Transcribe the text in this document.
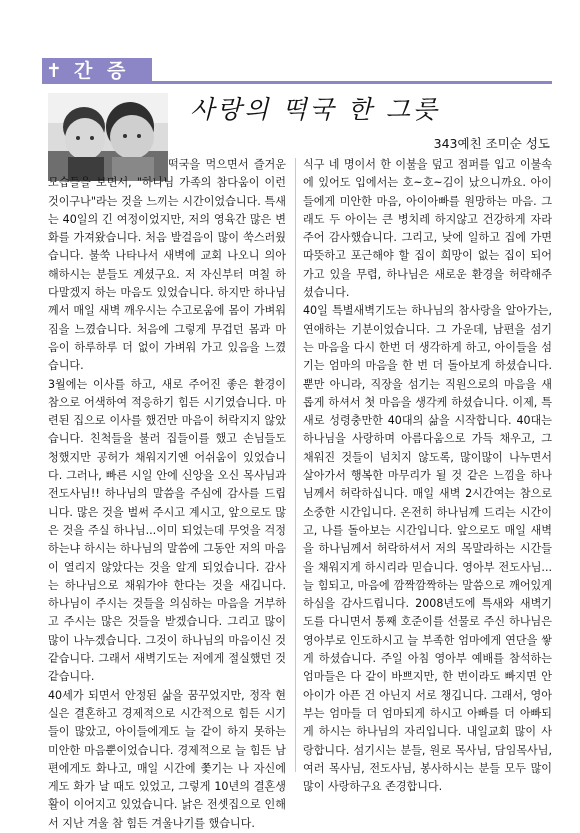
✝ 간 증
사랑의 떡국 한 그릇
343예친 조미순 성도

떡국을 먹으면서 즐거운 모습들을 보면서, "하나님 가족의 참다움이 이런 것이구나"라는 것을 느끼는 시간이었습니다. 특새는 40일의 긴 여정이었지만, 저의 영육간 많은 변화를 가져왔습니다. 처음 발걸음이 많이 쑥스러웠습니다. 불쑥 나타나서 새벽에 교회 나오니 의아해하시는 분들도 계셨구요. 저 자신부터 며칠 하다말겠지 하는 마음도 있었습니다. 하지만 하나님께서 매일 새벽 깨우시는 수고로움에 몸이 가벼워짐을 느꼈습니다. 처음에 그렇게 무겁던 몸과 마음이 하루하루 더 없이 가벼워 가고 있음을 느꼈습니다.

3월에는 이사를 하고, 새로 주어진 좋은 환경이 참으로 어색하여 적응하기 힘든 시기였습니다. 마련된 집으로 이사를 했건만 마음이 허락지지 않았습니다. 친척들을 불러 집들이를 했고 손님들도 청했지만 공허가 채워지기엔 어쉬움이 있었습니다. 그러나, 빠른 시일 안에 신앙을 오신 목사님과 전도사님!! 하나님의 말씀을 주심에 감사를 드립니다. 많은 것을 벌써 주시고 계시고, 앞으로도 많은 것을 주실 하나님...이미 되었는데 무엇을 걱정하는냐 하시는 하나님의 말씀에 그동안 저의 마음이 열리지 않았다는 것을 알게 되었습니다. 감사는 하나님으로 채워가야 한다는 것을 새깁니다. 하나님이 주시는 것들을 의심하는 마음을 거부하고 주시는 많은 것들을 받겠습니다. 그리고 많이 많이 나누겠습니다. 그것이 하나님의 마음이신 것 같습니다. 그래서 새벽기도는 저에게 절실했던 것 같습니다.

40세가 되면서 안정된 삶을 꿈꾸었지만, 정작 현실은 결혼하고 경제적으로 시간적으로 힘든 시기들이 많았고, 아이들에게도 늘 같이 하지 못하는 미안한 마음뿐이었습니다. 경제적으로 늘 힘든 남편에게도 화나고, 매일 시간에 쫓기는 나 자신에게도 화가 날 때도 있었고, 그렇게 10년의 결혼생활이 이어지고 있었습니다. 낡은 전셋집으로 인해서 지난 겨울 참 힘든 겨울나기를 했습니다.

식구 네 명이서 한 이불을 덮고 점퍼를 입고 이불속에 있어도 입에서는 호~호~김이 났으니까요. 아이들에게 미안한 마음, 아이아빠를 원망하는 마음. 그래도 두 아이는 큰 병치레 하지않고 건강하게 자라주어 감사했습니다. 그리고, 낮에 일하고 집에 가면 따뜻하고 포근해야 할 집이 희망이 없는 집이 되어가고 있을 무렵, 하나님은 새로운 환경을 허락해주셨습니다.

40일 특별새벽기도는 하나님의 참사랑을 알아가는, 연애하는 기분이었습니다. 그 가운데, 남편을 섬기는 마음을 다시 한번 더 생각하게 하고, 아이들을 섬기는 엄마의 마음을 한 번 더 돌아보게 하셨습니다. 뿐만 아니라, 직장을 섬기는 직원으로의 마음을 새롭게 하셔서 첫 마음을 생각케 하셨습니다. 이제, 특새로 성령충만한 40대의 삶을 시작합니다. 40대는 하나님을 사랑하며 아름다움으로 가득 채우고, 그 채워진 것들이 넘치지 않도록, 많이많이 나누면서 살아가서 행복한 마무리가 될 것 같은 느낌을 하나님께서 허락하십니다. 매일 새벽 2시간여는 참으로 소중한 시간입니다. 온전히 하나님께 드리는 시간이고, 나를 돌아보는 시간입니다. 앞으로도 매일 새벽을 하나님께서 허락하셔서 저의 목말라하는 시간들을 채워지게 하시리라 믿습니다. 영아부 전도사님...늘 힘되고, 마음에 깜짝깜짝하는 말씀으로 깨어있게 하심을 감사드립니다. 2008년도에 특새와 새벽기도를 다니면서 통째 호준이를 선물로 주신 하나님은 영아부로 인도하시고 늘 부족한 엄마에게 연단을 쌓게 하셨습니다. 주일 아침 영아부 예배를 참석하는 엄마들은 다 같이 바쁘지만, 한 번이라도 빠지면 안 아이가 아픈 건 아닌지 서로 챙깁니다. 그래서, 영아부는 엄마들 더 엄마되게 하시고 아빠를 더 아빠되게 하시는 하나님의 자리입니다. 내일교회 많이 사랑합니다. 섬기시는 분들, 원로 목사님, 담임목사님, 여러 목사님, 전도사님, 봉사하시는 분들 모두 많이 많이 사랑하구요 존경합니다.
